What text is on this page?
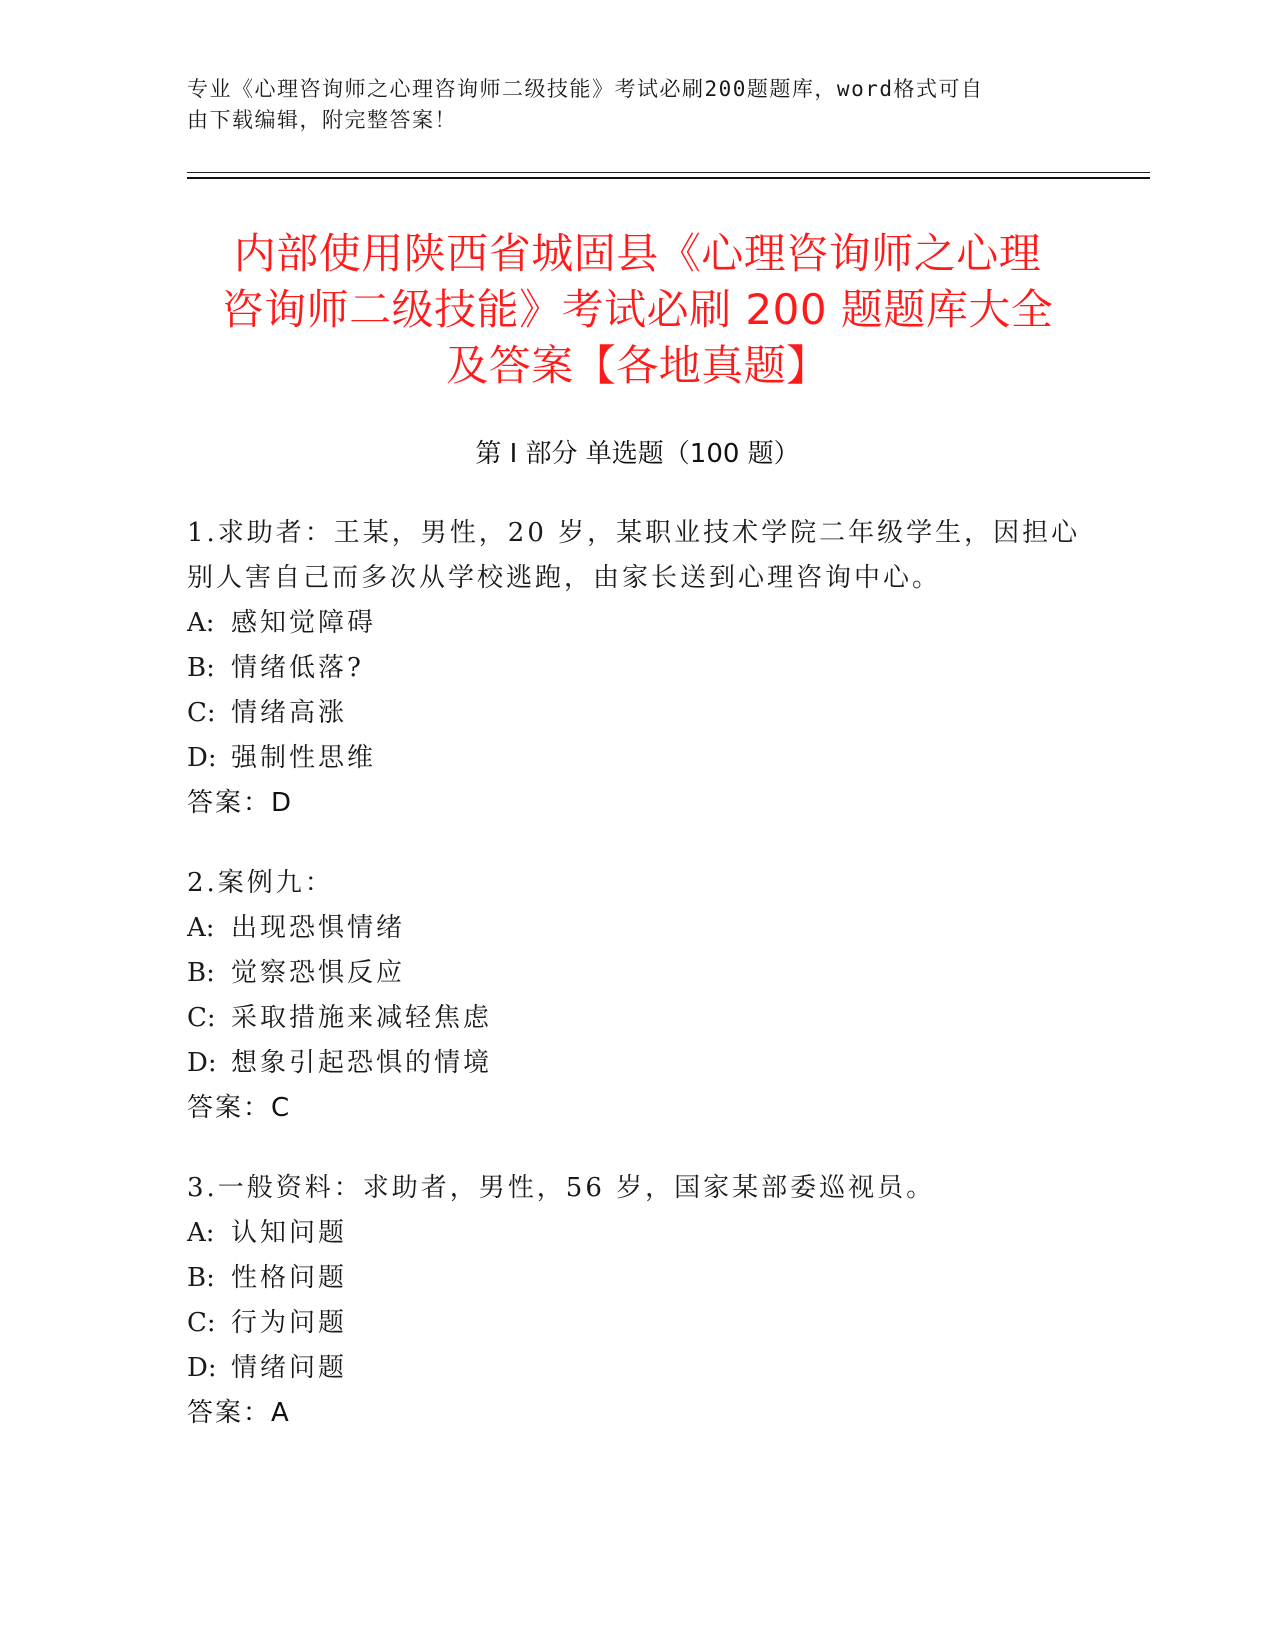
专业《心理咨询师之心理咨询师二级技能》考试必刷200题题库，word格式可自
由下载编辑，附完整答案！
内部使用陕西省城固县《心理咨询师之心理
咨询师二级技能》考试必刷 200 题题库大全
及答案【各地真题】
第 I 部分 单选题（100 题）
1.求助者：王某，男性，20 岁，某职业技术学院二年级学生，因担心
别人害自己而多次从学校逃跑，由家长送到心理咨询中心。
A: 感知觉障碍
B: 情绪低落?
C: 情绪高涨
D: 强制性思维
答案：D
2.案例九：
A: 出现恐惧情绪
B: 觉察恐惧反应
C: 采取措施来减轻焦虑
D: 想象引起恐惧的情境
答案：C
3.一般资料：求助者，男性，56 岁，国家某部委巡视员。
A: 认知问题
B: 性格问题
C: 行为问题
D: 情绪问题
答案：A
